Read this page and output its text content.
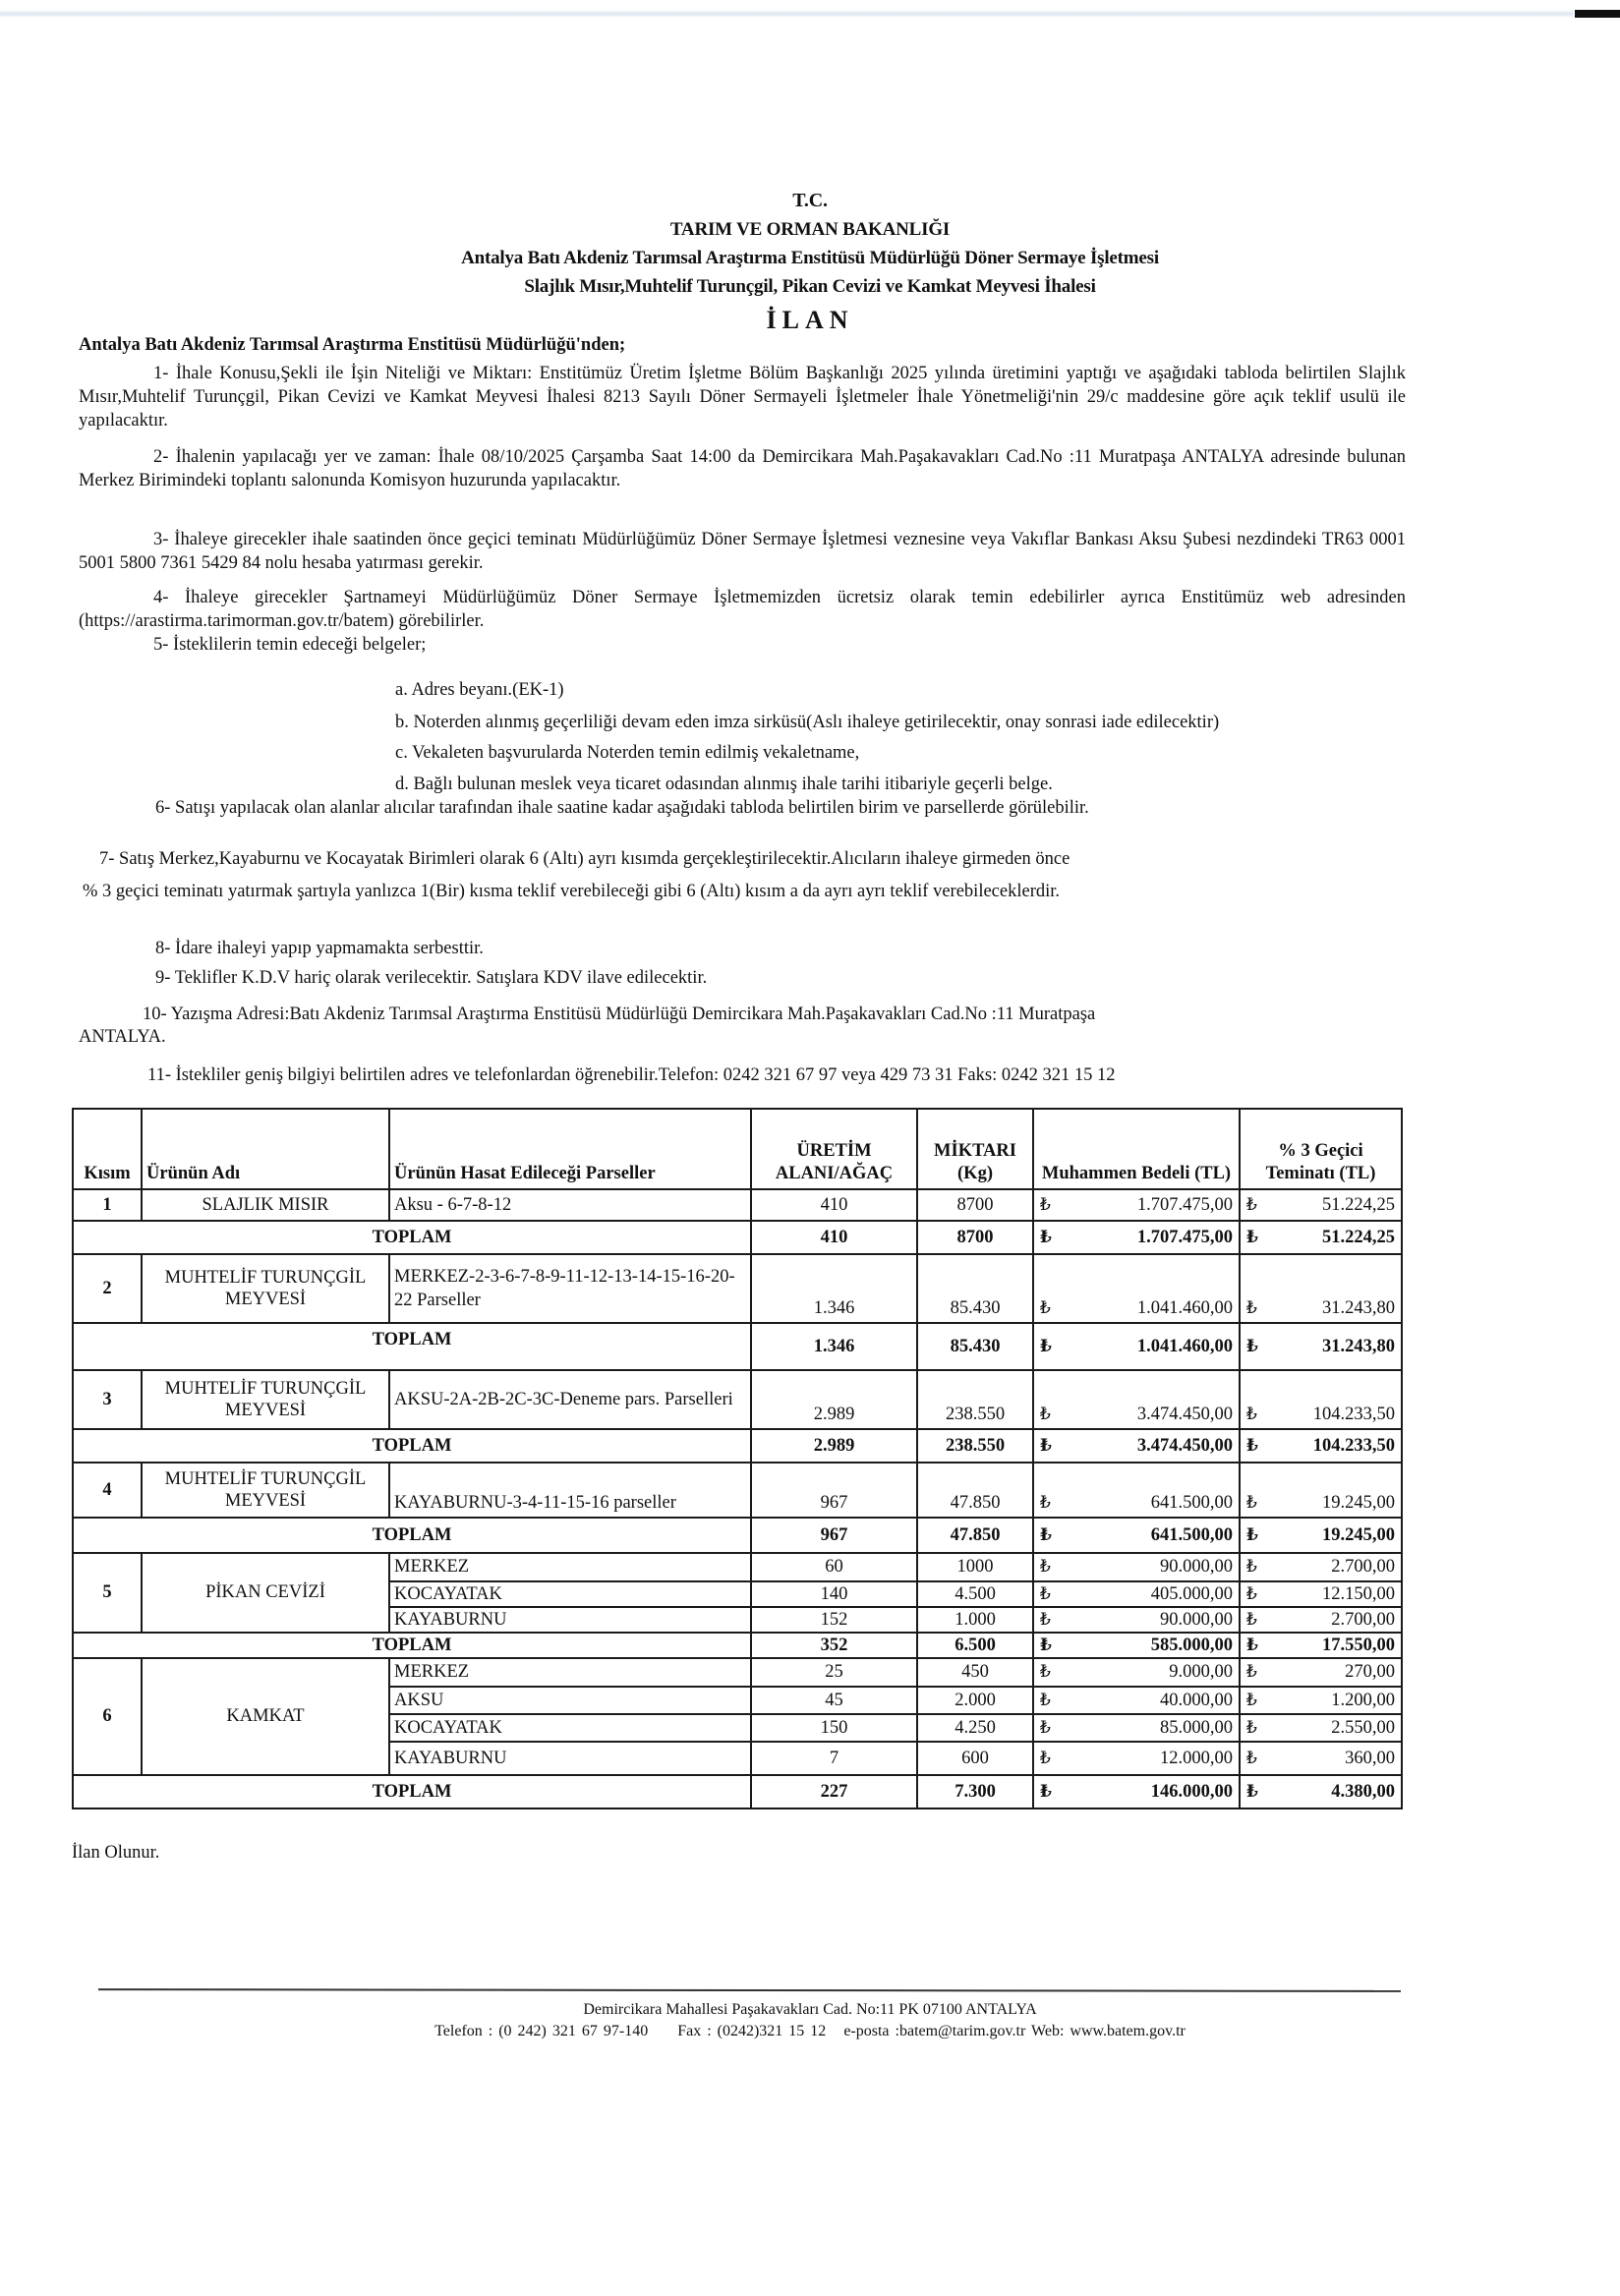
T.C.
TARIM VE ORMAN BAKANLIĞI
Antalya Batı Akdeniz Tarımsal Araştırma Enstitüsü Müdürlüğü Döner Sermaye İşletmesi
Slajlık Mısır,Muhtelif Turunçgil, Pikan Cevizi ve Kamkat Meyvesi İhalesi
İLAN
Antalya Batı Akdeniz Tarımsal Araştırma Enstitüsü Müdürlüğü'nden;
1- İhale Konusu,Şekli ile İşin Niteliği ve Miktarı: Enstitümüz Üretim İşletme Bölüm Başkanlığı 2025 yılında üretimini yaptığı ve aşağıdaki tabloda belirtilen Slajlık Mısır,Muhtelif Turunçgil, Pikan Cevizi ve Kamkat Meyvesi İhalesi 8213 Sayılı Döner Sermayeli İşletmeler İhale Yönetmeliği'nin 29/c maddesine göre açık teklif usulü ile yapılacaktır.
2- İhalenin yapılacağı yer ve zaman: İhale 08/10/2025 Çarşamba Saat 14:00 da Demircikara Mah.Paşakavakları Cad.No :11 Muratpaşa ANTALYA adresinde bulunan Merkez Birimindeki toplantı salonunda Komisyon huzurunda yapılacaktır.
3- İhaleye girecekler ihale saatinden önce geçici teminatı Müdürlüğümüz Döner Sermaye İşletmesi veznesine veya Vakıflar Bankası Aksu Şubesi nezdindeki TR63 0001 5001 5800 7361 5429 84 nolu hesaba yatırması gerekir.
4- İhaleye girecekler Şartnameyi Müdürlüğümüz Döner Sermaye İşletmemizden ücretsiz olarak temin edebilirler ayrıca Enstitümüz web adresinden (https://arastirma.tarimorman.gov.tr/batem) görebilirler.
5- İsteklilerin temin edeceği belgeler;
a. Adres beyanı.(EK-1)
b. Noterden alınmış geçerliliği devam eden imza sirküsü(Aslı ihaleye getirilecektir, onay sonrasi iade edilecektir)
c. Vekaleten başvurularda Noterden temin edilmiş vekaletname,
d. Bağlı bulunan meslek veya ticaret odasından alınmış ihale tarihi itibariyle geçerli belge.
6- Satışı yapılacak olan alanlar alıcılar tarafından ihale saatine kadar aşağıdaki tabloda belirtilen birim ve parsellerde görülebilir.
7- Satış Merkez,Kayaburnu ve Kocayatak Birimleri olarak 6 (Altı) ayrı kısımda gerçekleştirilecektir.Alıcıların ihaleye girmeden önce
% 3 geçici teminatı yatırmak şartıyla yanlızca 1(Bir) kısma teklif verebileceği gibi 6 (Altı) kısım a da ayrı ayrı teklif verebileceklerdir.
8- İdare ihaleyi yapıp yapmamakta serbesttir.
9- Teklifler K.D.V hariç olarak verilecektir. Satışlara KDV ilave edilecektir.
10- Yazışma Adresi:Batı Akdeniz Tarımsal Araştırma Enstitüsü Müdürlüğü Demircikara Mah.Paşakavakları Cad.No :11 Muratpaşa
ANTALYA.
11- İstekliler geniş bilgiyi belirtilen adres ve telefonlardan öğrenebilir.Telefon: 0242 321 67 97 veya 429 73 31 Faks: 0242 321 15 12
Kısım	Ürünün Adı	Ürünün Hasat Edileceği Parseller	ÜRETİM ALANI/AĞAÇ	MİKTARI (Kg)	Muhammen Bedeli (TL)	% 3 Geçici Teminatı (TL)
1	SLAJLIK MISIR	Aksu - 6-7-8-12	410	8700	₺ 1.707.475,00	₺ 51.224,25

TOPLAM			410	8700	₺ 1.707.475,00	₺ 51.224,25

2	MUHTELİF TURUNÇGİL MEYVESİ	MERKEZ-2-3-6-7-8-9-11-12-13-14-15-16-20-22 Parseller	1.346	85.430	₺ 1.041.460,00	₺ 31.243,80

TOPLAM			1.346	85.430	₺ 1.041.460,00	₺ 31.243,80

3	MUHTELİF TURUNÇGİL MEYVESİ	AKSU-2A-2B-2C-3C-Deneme pars. Parselleri	2.989	238.550	₺ 3.474.450,00	₺ 104.233,50

TOPLAM			2.989	238.550	₺ 3.474.450,00	₺ 104.233,50

4	MUHTELİF TURUNÇGİL MEYVESİ	KAYABURNU-3-4-11-15-16 parseller	967	47.850	₺ 641.500,00	₺ 19.245,00

TOPLAM			967	47.850	₺ 641.500,00	₺ 19.245,00

5	PİKAN CEVİZİ	MERKEZ	60	1000	₺ 90.000,00	₺ 2.700,00

		KOCAYATAK	140	4.500	₺ 405.000,00	₺ 12.150,00

		KAYABURNU	152	1.000	₺ 90.000,00	₺ 2.700,00

TOPLAM			352	6.500	₺ 585.000,00	₺ 17.550,00

6	KAMKAT	MERKEZ	25	450	₺ 9.000,00	₺ 270,00

		AKSU	45	2.000	₺ 40.000,00	₺ 1.200,00

		KOCAYATAK	150	4.250	₺ 85.000,00	₺ 2.550,00

		KAYABURNU	7	600	₺ 12.000,00	₺ 360,00

TOPLAM			227	7.300	₺ 146.000,00	₺ 4.380,00
İlan Olunur.
Demircikara Mahallesi Paşakavakları Cad. No:11 PK 07100 ANTALYA
Telefon : (0 242) 321 67 97-140 Fax : (0242)321 15 12 e-posta :batem@tarim.gov.tr Web: www.batem.gov.tr
